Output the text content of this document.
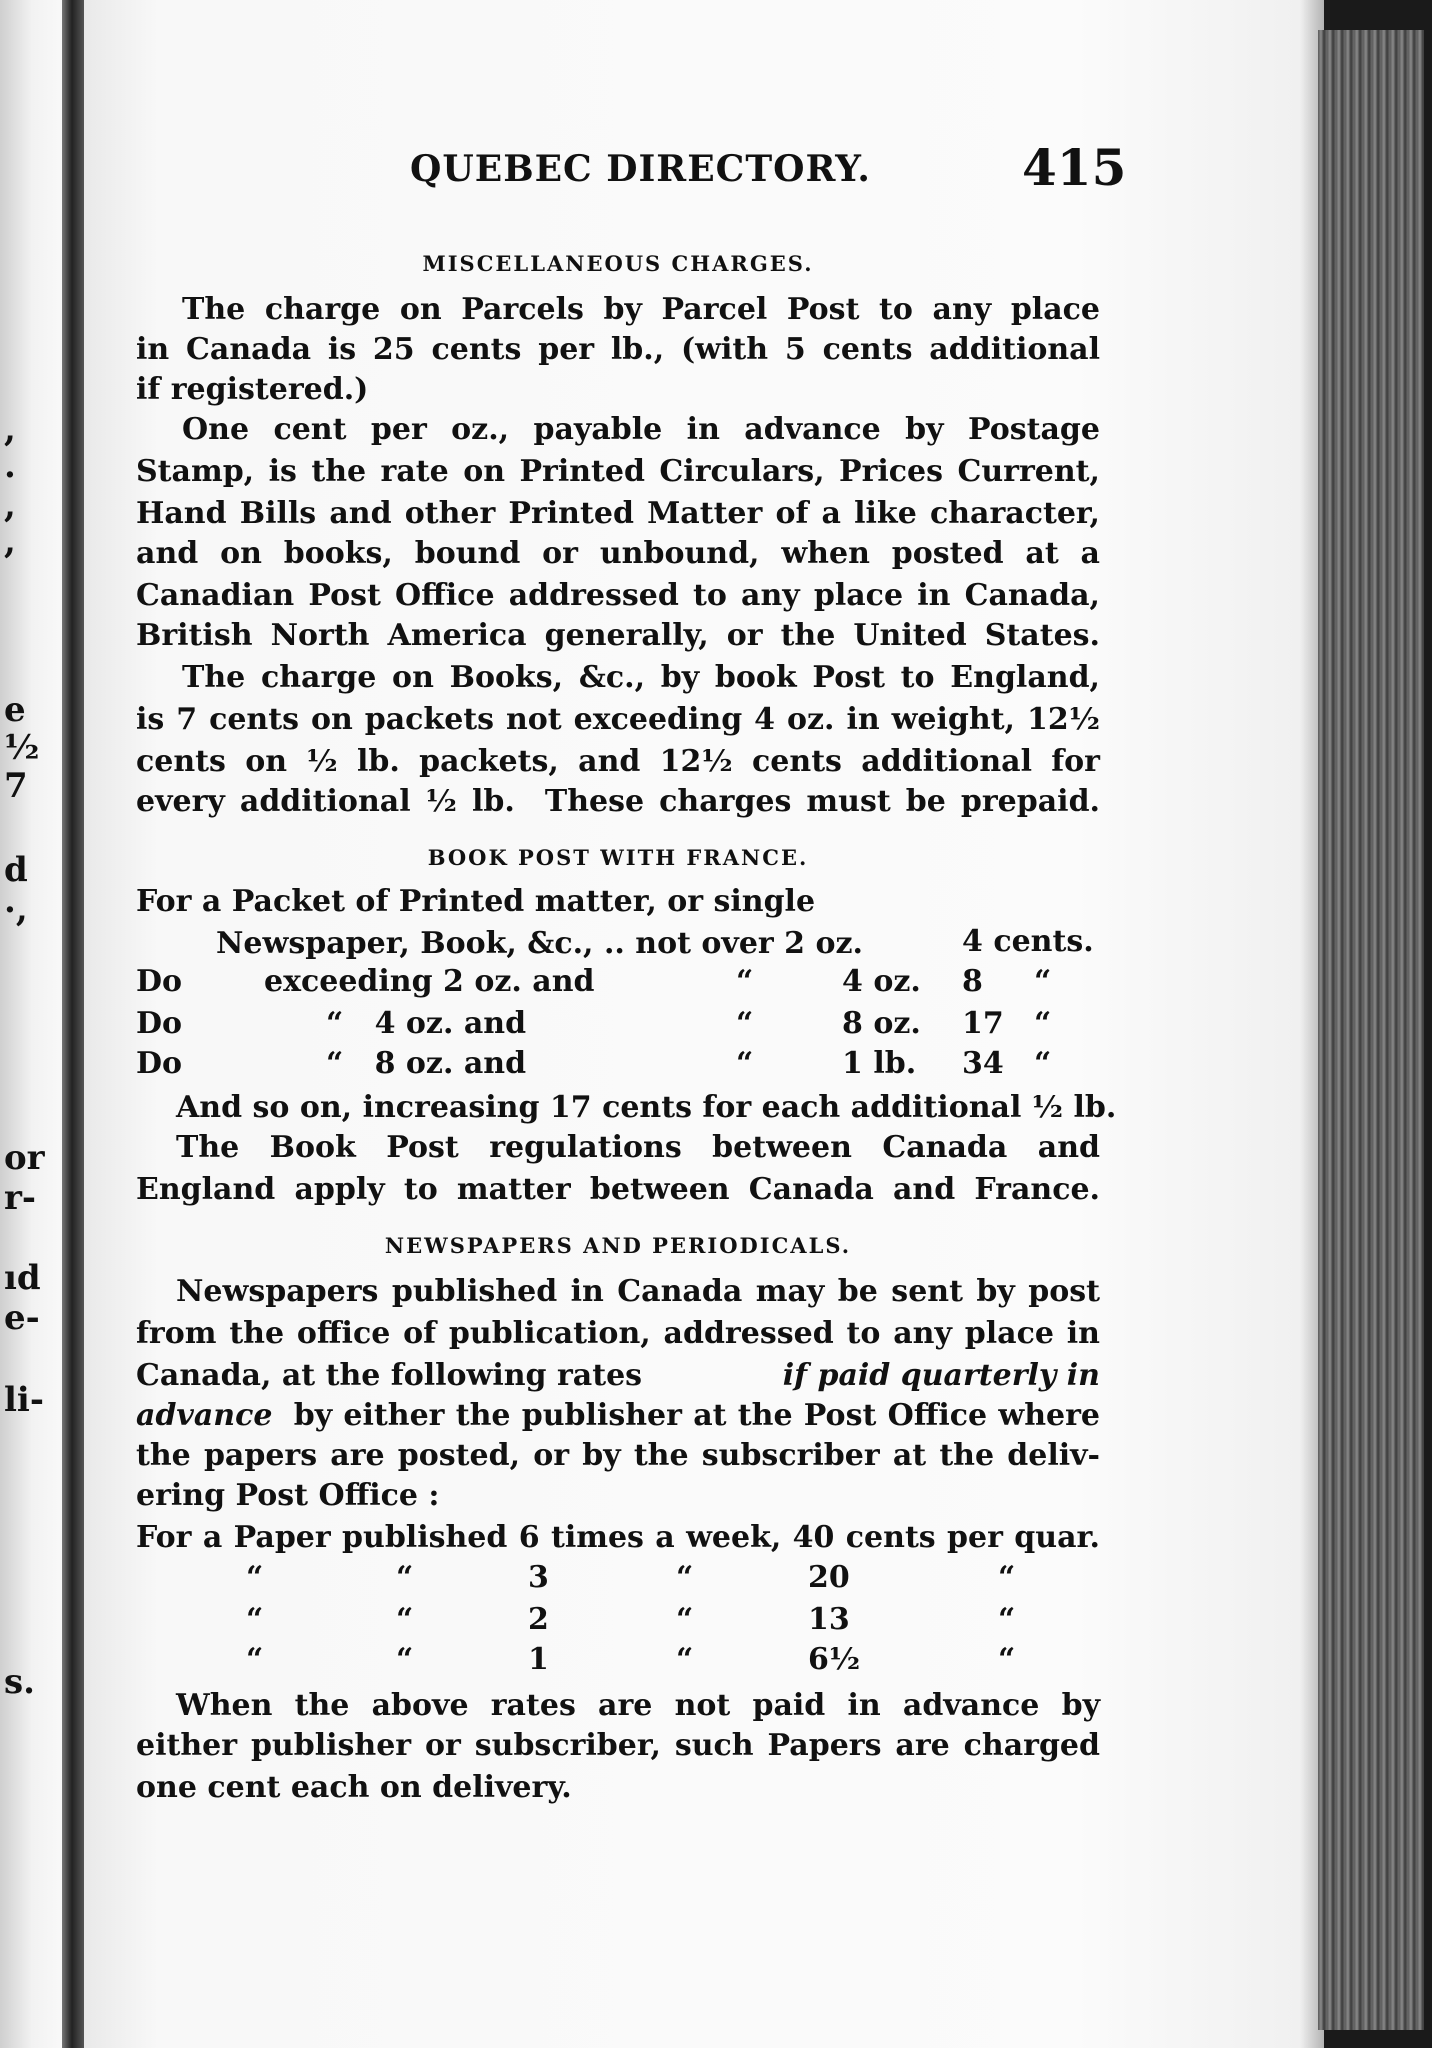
,
.
,
,
e
½
7
d
·,
or
r-
ıd
e-
li-
s.
QUEBEC DIRECTORY.	415
MISCELLANEOUS CHARGES.
The charge on Parcels by Parcel Post to any place
in Canada is 25 cents per lb., (with 5 cents additional
if registered.)
One cent per oz., payable in advance by Postage
Stamp, is the rate on Printed Circulars, Prices Current,
Hand Bills and other Printed Matter of a like character,
and on books, bound or unbound, when posted at a
Canadian Post Office addressed to any place in Canada,
British North America generally, or the United States.
The charge on Books, &c., by book Post to England,
is 7 cents on packets not exceeding 4 oz. in weight, 12½
cents on ½ lb. packets, and 12½ cents additional for
every additional ½ lb.  These charges must be prepaid.
BOOK POST WITH FRANCE.
For a Packet of Printed matter, or single
Newspaper, Book, &c., .. not over 2 oz.	4 cents.
Do	exceeding 2 oz. and	“	4 oz. 8 “
Do	“   4 oz. and	“	8 oz. 17 “
Do	“   8 oz. and	“	1 lb. 34 “
And so on, increasing 17 cents for each additional ½ lb.
The Book Post regulations between Canada and
England apply to matter between Canada and France.
NEWSPAPERS AND PERIODICALS.
Newspapers published in Canada may be sent by post
from the office of publication, addressed to any place in
Canada, at the following rates	if paid quarterly in
advance by either the publisher at the Post Office where
the papers are posted, or by the subscriber at the deliv-
ering Post Office :
For a Paper published 6 times a week, 40 cents per quar.
“	“	3	“	20	“
“	“	2	“	13	“
“	“	1	“	6½	“
When the above rates are not paid in advance by
either publisher or subscriber, such Papers are charged
one cent each on delivery.
